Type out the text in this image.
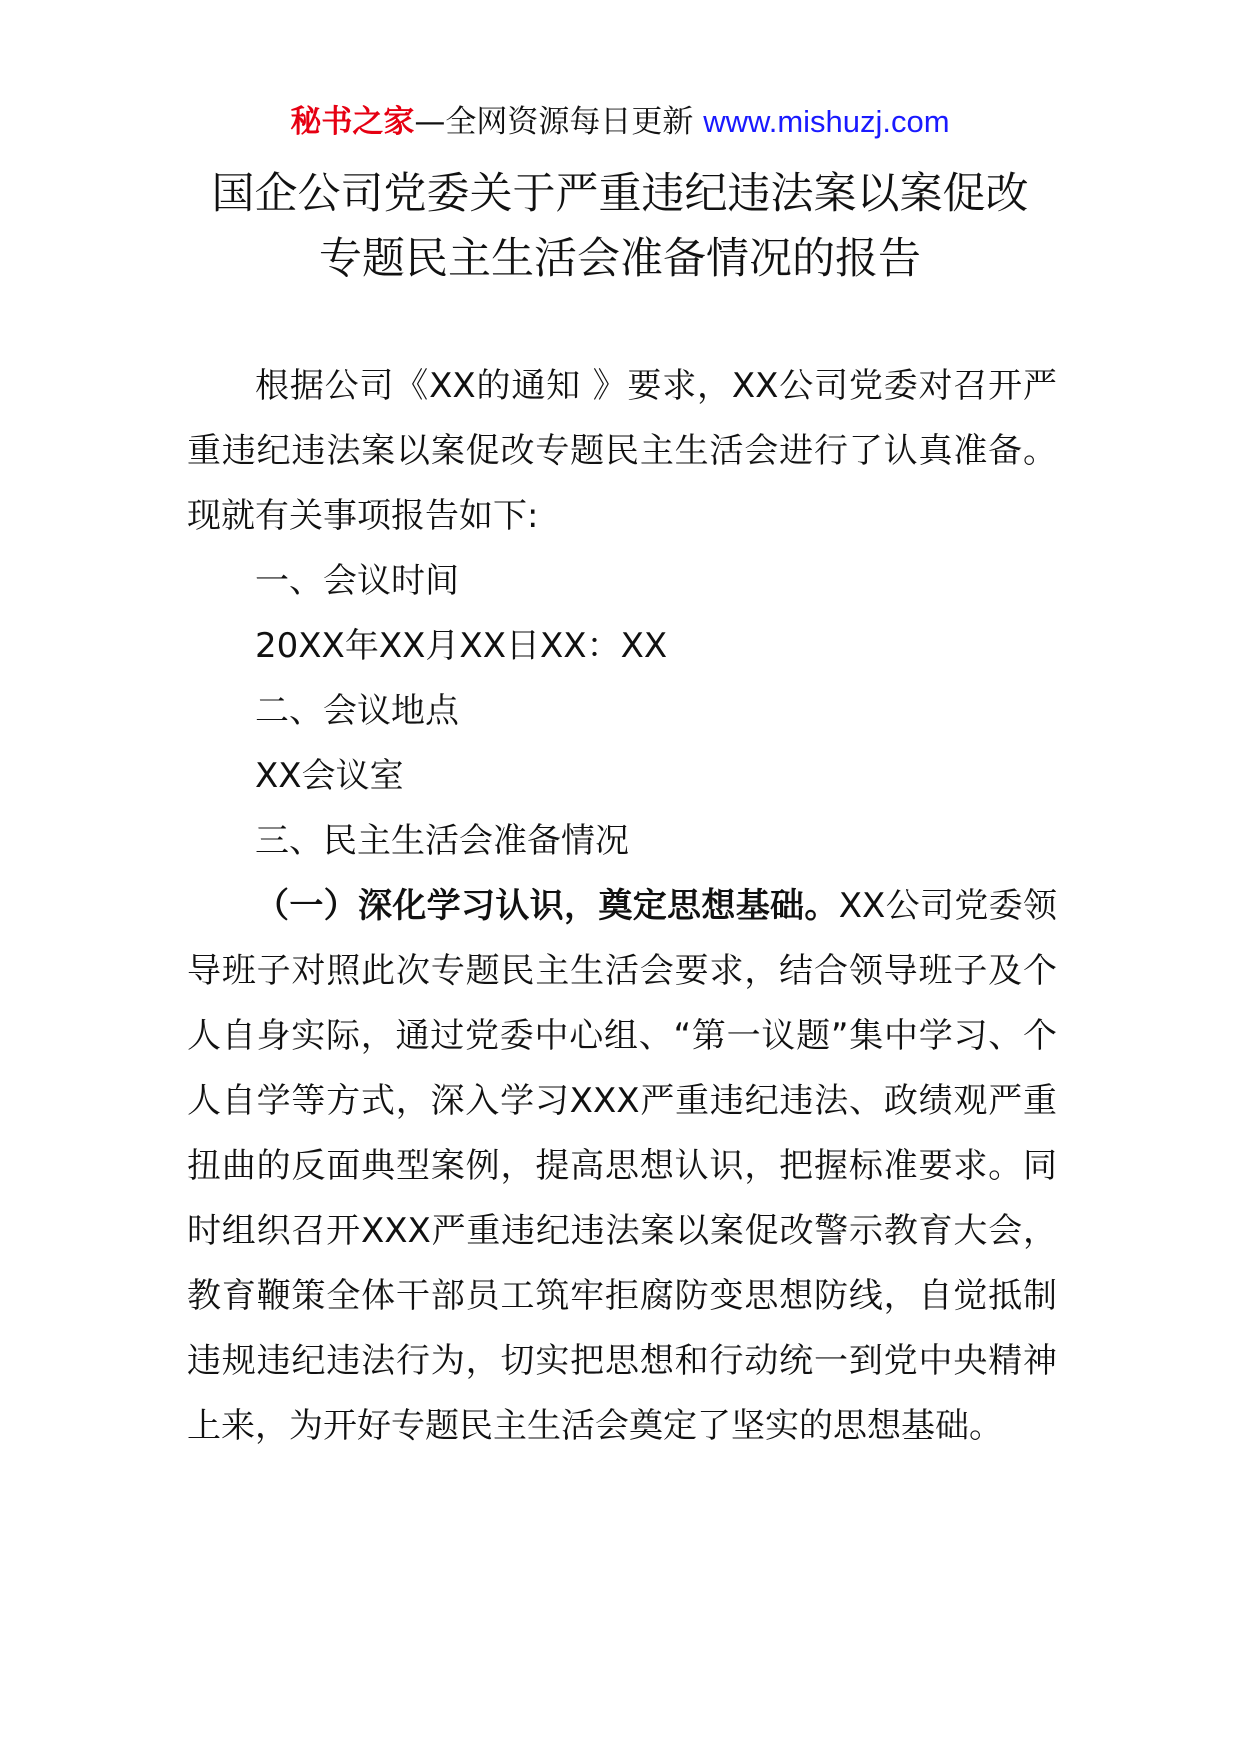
秘书之家—全网资源每日更新 www.mishuzj.com
国企公司党委关于严重违纪违法案以案促改
专题民主生活会准备情况的报告

根据公司《XX的通知 》要求，XX公司党委对召开严重违纪违法案以案促改专题民主生活会进行了认真准备。现就有关事项报告如下:

一、会议时间

20XX年XX月XX日XX：XX

二、会议地点

XX会议室

三、民主生活会准备情况

（一）深化学习认识，奠定思想基础。XX公司党委领导班子对照此次专题民主生活会要求，结合领导班子及个人自身实际，通过党委中心组、“第一议题”集中学习、个人自学等方式，深入学习XXX严重违纪违法、政绩观严重扭曲的反面典型案例，提高思想认识，把握标准要求。同时组织召开XXX严重违纪违法案以案促改警示教育大会，教育鞭策全体干部员工筑牢拒腐防变思想防线，自觉抵制违规违纪违法行为，切实把思想和行动统一到党中央精神上来，为开好专题民主生活会奠定了坚实的思想基础。
